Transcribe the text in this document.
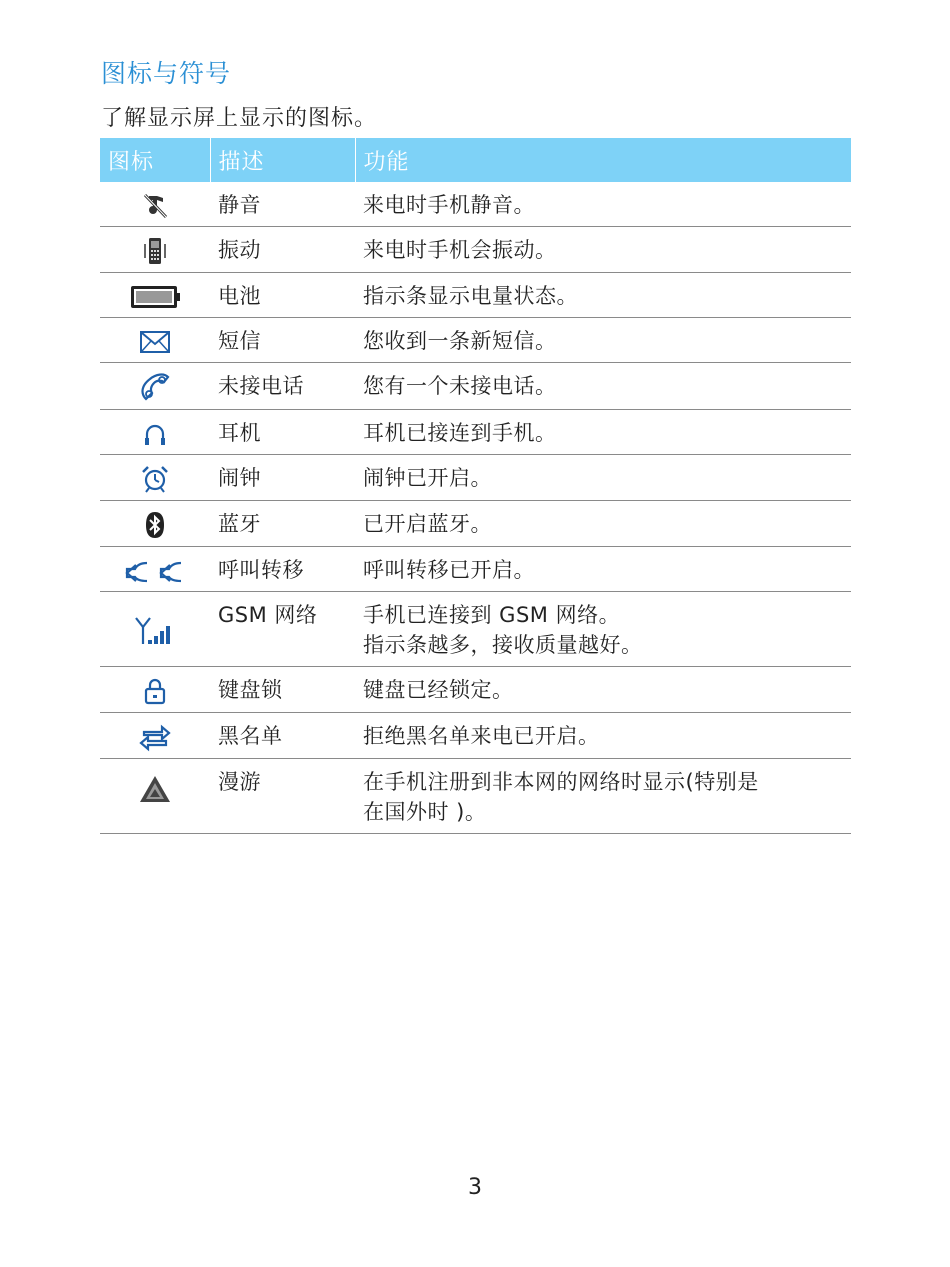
图标与符号
了解显示屏上显示的图标。
图标	描述	功能
	静音	来电时手机静音。

	振动	来电时手机会振动。

	电池	指示条显示电量状态。

	短信	您收到一条新短信。

	未接电话	您有一个未接电话。

	耳机	耳机已接连到手机。

	闹钟	闹钟已开启。

	蓝牙	已开启蓝牙。

	呼叫转移	呼叫转移已开启。

	GSM 网络	手机已连接到 GSM 网络。
指示条越多，接收质量越好。

	键盘锁	键盘已经锁定。

	黑名单	拒绝黑名单来电已开启。

	漫游	在手机注册到非本网的网络时显示(特别是
在国外时 )。
3
